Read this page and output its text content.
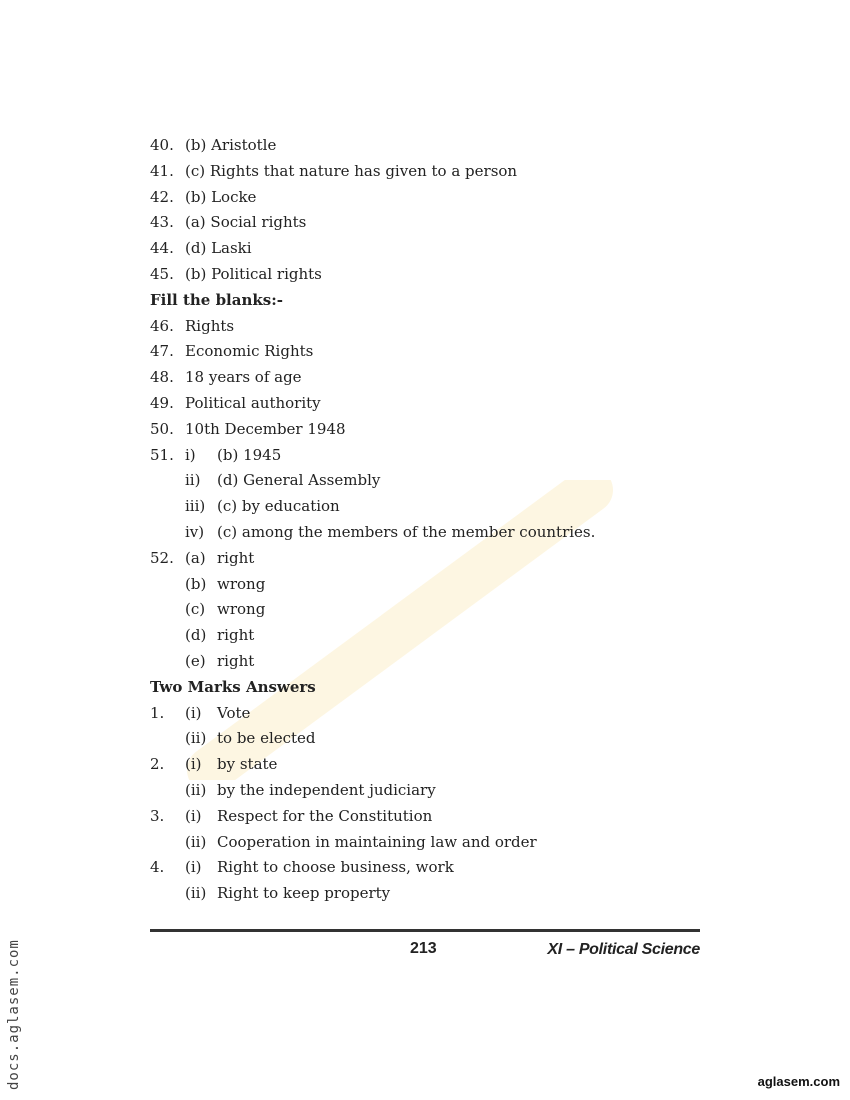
40. (b) Aristotle
41. (c) Rights that nature has given to a person
42. (b) Locke
43. (a) Social rights
44. (d) Laski
45. (b) Political rights
Fill the blanks:-
46. Rights
47. Economic Rights
48. 18 years of age
49. Political authority
50. 10th December 1948
51. i) (b) 1945
ii) (d) General Assembly
iii) (c) by education
iv) (c) among the members of the member countries.
52. (a) right
(b) wrong
(c) wrong
(d) right
(e) right
Two Marks Answers
1. (i) Vote
(ii) to be elected
2. (i) by state
(ii) by the independent judiciary
3. (i) Respect for the Constitution
(ii) Cooperation in maintaining law and order
4. (i) Right to choose business, work
(ii) Right to keep property
213	XI – Political Science
docs.aglasem.com	aglasem.com
